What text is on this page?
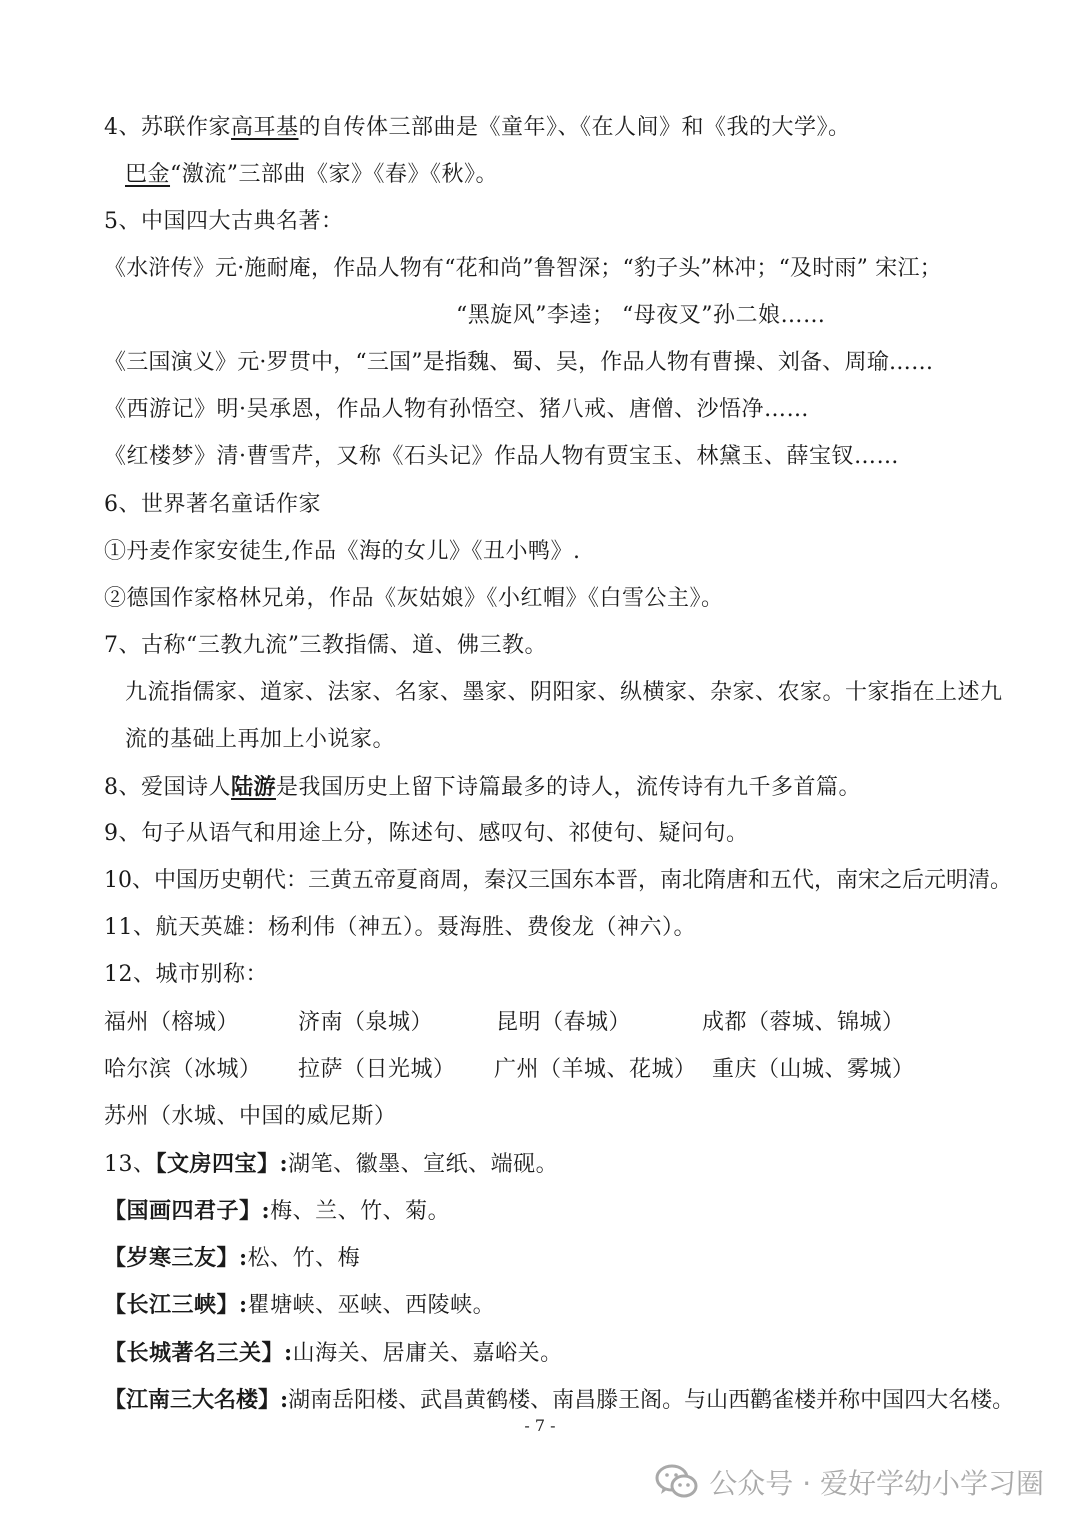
4、苏联作家高耳基的自传体三部曲是《童年》、《在人间》和《我的大学》。
巴金“激流”三部曲《家》《春》《秋》。
5、中国四大古典名著：
《水浒传》元·施耐庵，作品人物有“花和尚”鲁智深；“豹子头”林冲；“及时雨” 宋江；
“黑旋风”李逵； “母夜叉”孙二娘……
《三国演义》元·罗贯中，“三国”是指魏、蜀、吴，作品人物有曹操、刘备、周瑜……
《西游记》明·吴承恩，作品人物有孙悟空、猪八戒、唐僧、沙悟净……
《红楼梦》清·曹雪芹，又称《石头记》作品人物有贾宝玉、林黛玉、薛宝钗……
6、世界著名童话作家
①丹麦作家安徒生,作品《海的女儿》《丑小鸭》.
②德国作家格林兄弟，作品《灰姑娘》《小红帽》《白雪公主》。
7、古称“三教九流”三教指儒、道、佛三教。
九流指儒家、道家、法家、名家、墨家、阴阳家、纵横家、杂家、农家。十家指在上述九
流的基础上再加上小说家。
8、爱国诗人陆游是我国历史上留下诗篇最多的诗人，流传诗有九千多首篇。
9、句子从语气和用途上分，陈述句、感叹句、祁使句、疑问句。
10、中国历史朝代：三黄五帝夏商周，秦汉三国东本晋，南北隋唐和五代，南宋之后元明清。
11、航天英雄：杨利伟（神五）。聂海胜、费俊龙（神六）。
12、城市别称：
福州（榕城）	济南（泉城）	昆明（春城）	成都（蓉城、锦城）
哈尔滨（冰城） 拉萨（日光城） 广州（羊城、花城） 重庆（山城、雾城）
苏州（水城、中国的威尼斯）
13、【文房四宝】:湖笔、徽墨、宣纸、端砚。
【国画四君子】:梅、兰、竹、菊。
【岁寒三友】:松、竹、梅
【长江三峡】:瞿塘峡、巫峡、西陵峡。
【长城著名三关】:山海关、居庸关、嘉峪关。
【江南三大名楼】:湖南岳阳楼、武昌黄鹤楼、南昌滕王阁。与山西鹳雀楼并称中国四大名楼。
- 7 -
公众号 · 爱好学幼小学习圈
